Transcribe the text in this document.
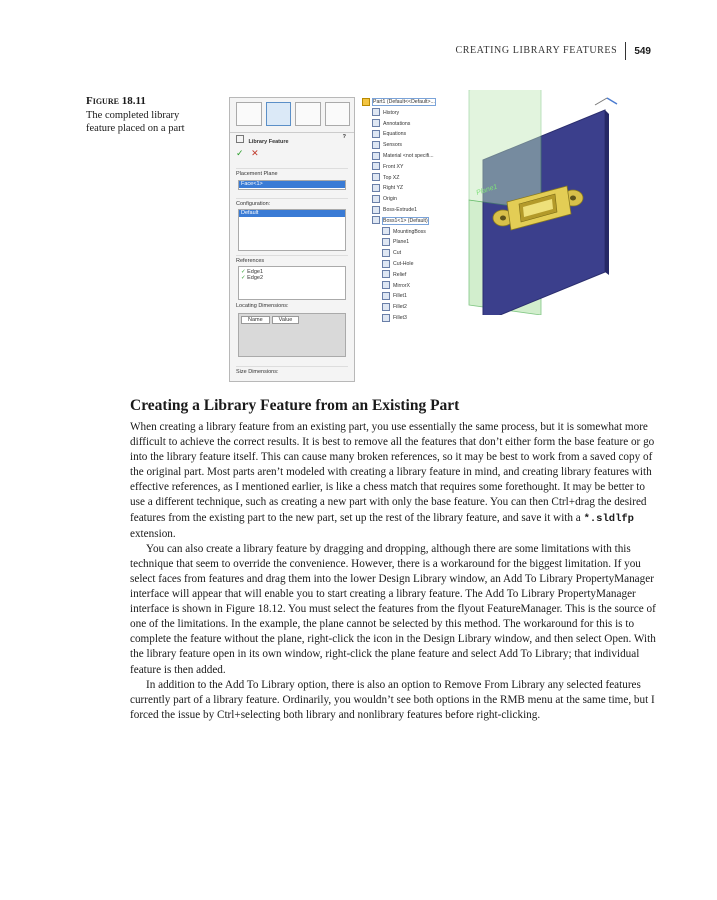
CREATING LIBRARY FEATURES	549
Figure 18.11
The completed library feature placed on a part
Library Feature
?
✓ ✕
Placement Plane
Face<1>
Configuration:
Default
References
✓ Edge1
✓ Edge2
Locating Dimensions:
Name	Value
Size Dimensions:
Part1 (Default<<Default>...
History
Annotations
Equations
Sensors
Material <not specifi...
Front XY
Top XZ
Right YZ
Origin
Boss-Extrude1
Boss1<1> (Default)
MountingBoss
Plane1
Cut
Cut-Hole
Relief
MirrorX
Fillet1
Fillet2
Fillet3
Plane1
Creating a Library Feature from an Existing Part

When creating a library feature from an existing part, you use essentially the same process, but it is somewhat more difficult to achieve the correct results. It is best to remove all the features that don’t either form the base feature or go into the library feature itself. This can cause many broken references, so it may be best to work from a saved copy of the original part. Most parts aren’t modeled with creating a library feature in mind, and creating library features with effective references, as I mentioned earlier, is like a chess match that requires some forethought. It may be better to use a different technique, such as creating a new part with only the base feature. You can then Ctrl+drag the desired features from the existing part to the new part, set up the rest of the library feature, and save it with a *.sldlfp extension.

You can also create a library feature by dragging and dropping, although there are some limitations with this technique that seem to override the convenience. However, there is a workaround for the biggest limitation. If you select faces from features and drag them into the lower Design Library window, an Add To Library PropertyManager interface will appear that will enable you to start creating a library feature. The Add To Library PropertyManager interface is shown in Figure 18.12. You must select the features from the flyout FeatureManager. This is the source of one of the limitations. In the example, the plane cannot be selected by this method. The workaround for this is to complete the feature without the plane, right-click the icon in the Design Library window, and then select Open. With the library feature open in its own window, right-click the plane feature and select Add To Library; that individual feature is then added.

In addition to the Add To Library option, there is also an option to Remove From Library any selected features currently part of a library feature. Ordinarily, you wouldn’t see both options in the RMB menu at the same time, but I forced the issue by Ctrl+selecting both library and nonlibrary features before right-clicking.
